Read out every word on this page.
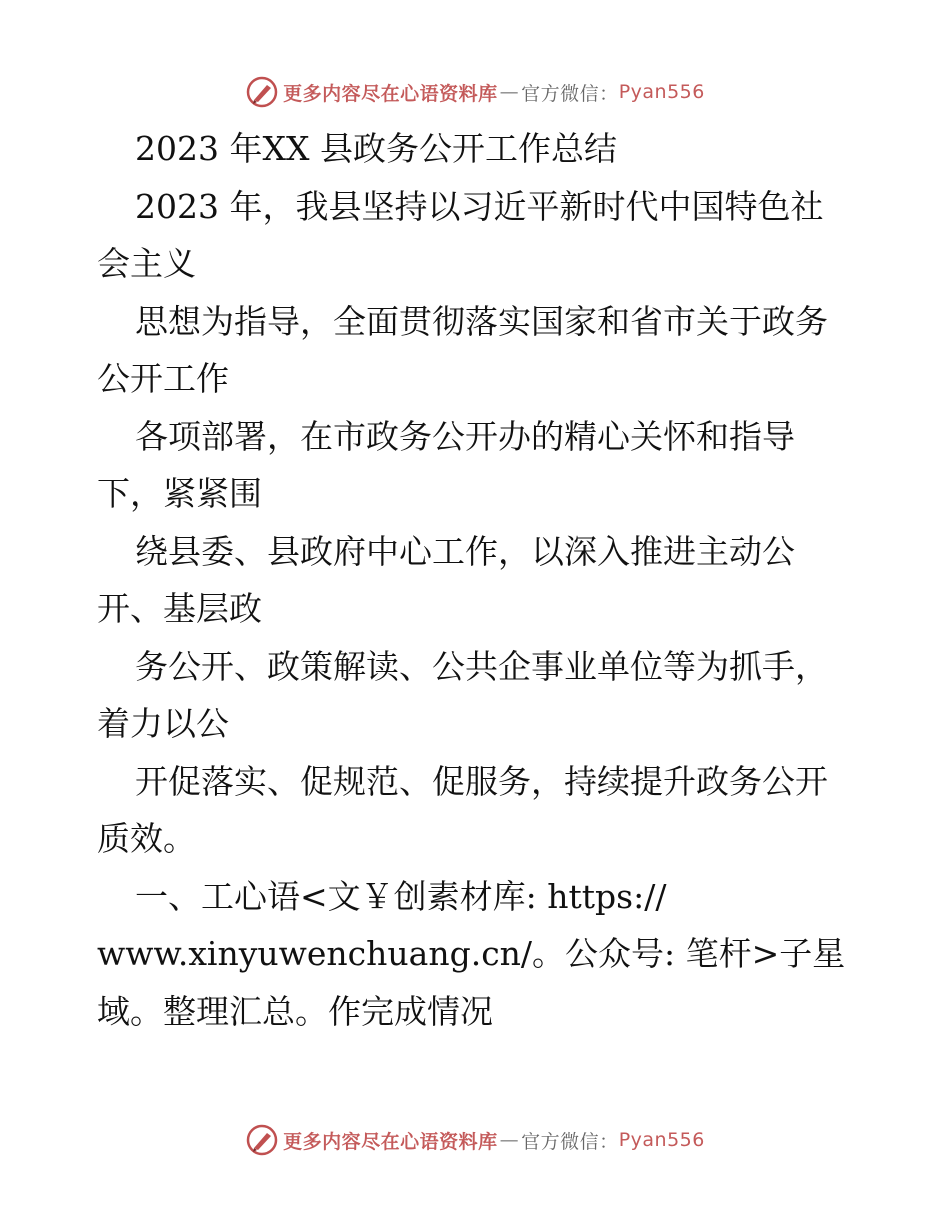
更多内容尽在心语资料库 — 官方微信： Pyan556

2023 年XX 县政务公开工作总结

2023 年，我县坚持以习近平新时代中国特色社

会主义

思想为指导，全面贯彻落实国家和省市关于政务

公开工作

各项部署，在市政务公开办的精心关怀和指导

下，紧紧围

绕县委、县政府中心工作，以深入推进主动公

开、基层政

务公开、政策解读、公共企事业单位等为抓手，

着力以公

开促落实、促规范、促服务，持续提升政务公开

质效。

一、工心语<文￥创素材库: https://

www.xinyuwenchuang.cn/。公众号: 笔杆>子星

域。整理汇总。作完成情况

更多内容尽在心语资料库 — 官方微信： Pyan556
